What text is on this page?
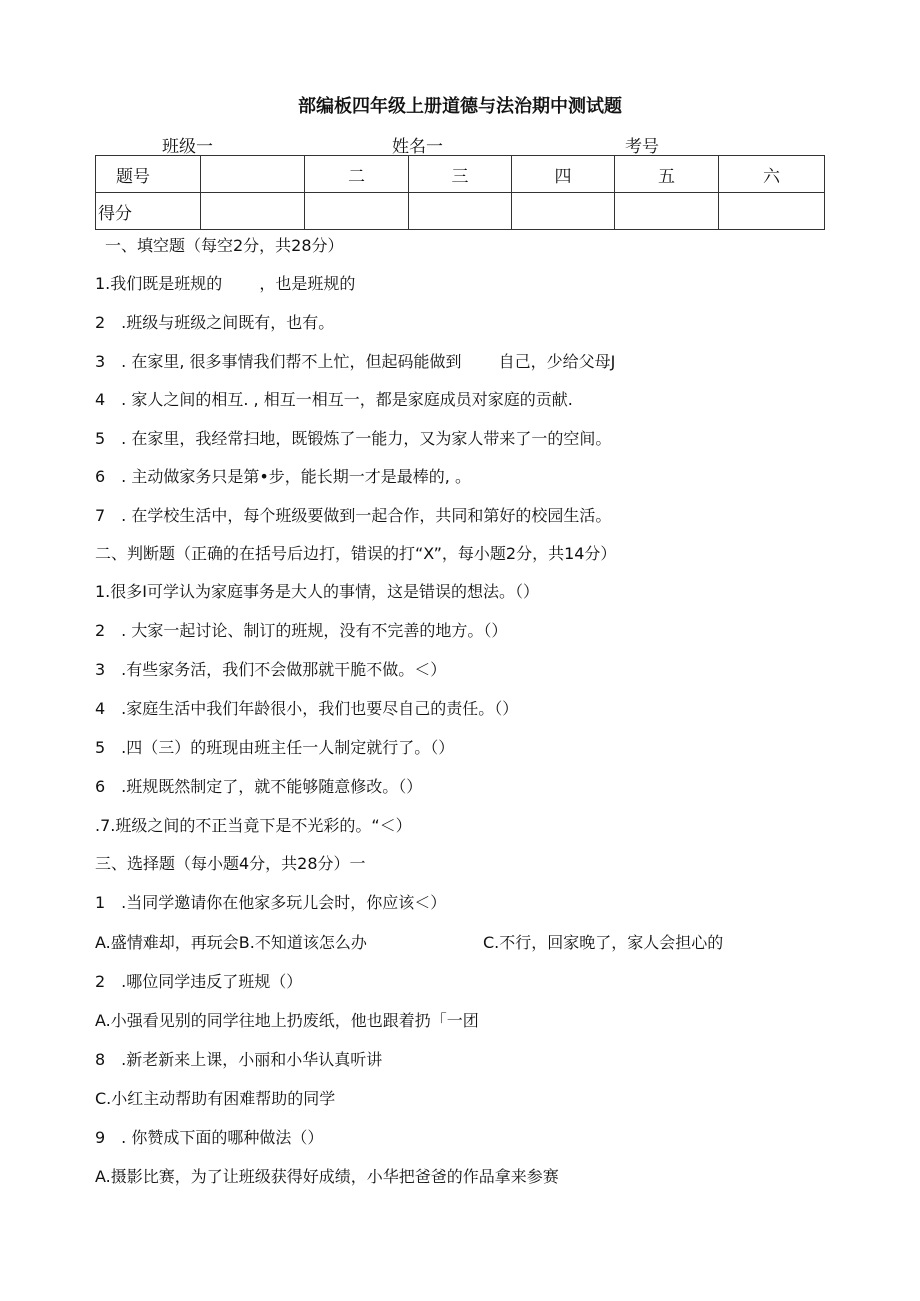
部编板四年级上册道德与法治期中测试题
班级一	姓名一	考号
题号		二	三	四	五	六
得分						
一、填空题（每空2分，共28分）
1.我们既是班规的　　 ，也是班规的
2　.班级与班级之间既有，也有。
3　. 在家里, 很多事情我们帮不上忙，但起码能做到　　 自己，少给父母J
4　. 家人之间的相互. , 相互一相互一，都是家庭成员对家庭的贡献.
5　. 在家里，我经常扫地，既锻炼了一能力，又为家人带来了一的空间。
6　. 主动做家务只是第•步，能长期一才是最棒的, 。
7　. 在学校生活中，每个班级要做到一起合作，共同和第好的校园生活。
二、判断题（正确的在括号后边打，错误的打“X”，每小题2分，共14分）
1.很多I可学认为家庭事务是大人的事情，这是错误的想法。（）
2　. 大家一起讨论、制订的班规，没有不完善的地方。（）
3　.有些家务活，我们不会做那就干脆不做。＜）
4　.家庭生活中我们年龄很小，我们也要尽自己的责任。（）
5　.四（三）的班现由班主任一人制定就行了。（）
6　.班规既然制定了，就不能够随意修改。（）
.7.班级之间的不正当竟下是不光彩的。“＜）
三、选择题（每小题4分，共28分）一
1　.当同学邀请你在他家多玩儿会时，你应该＜）
A.盛情难却，再玩会B.不知道该怎么办	C.不行，回家晚了，家人会担心的
2　.哪位同学违反了班规（）
A.小强看见别的同学往地上扔废纸，他也跟着扔「一团
8　.新老新来上课，小丽和小华认真听讲
C.小红主动帮助有困难帮助的同学
9　. 你赞成下面的哪种做法（）
A.摄影比赛，为了让班级获得好成绩，小华把爸爸的作品拿来参赛
